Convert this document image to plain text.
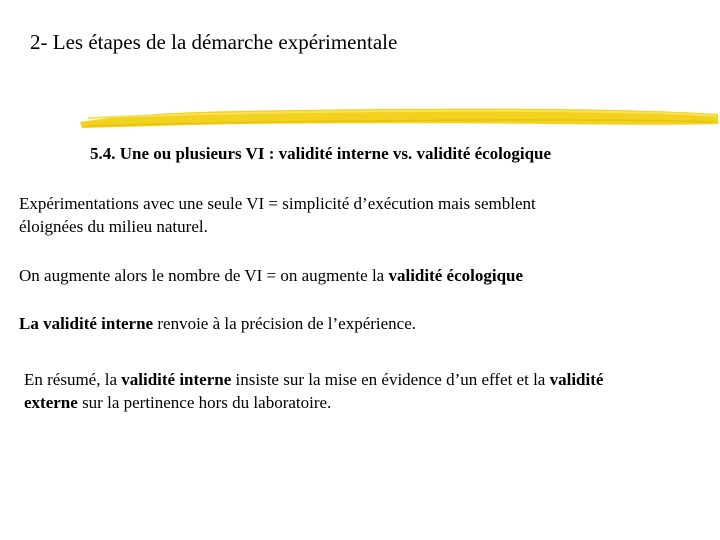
2- Les étapes de la démarche expérimentale
5.4. Une ou plusieurs VI : validité interne vs. validité écologique
Expérimentations avec une seule VI = simplicité d’exécution mais semblent
éloignées du milieu naturel.
On augmente alors le nombre de VI = on augmente la validité écologique
La validité interne renvoie à la précision de l’expérience.
En résumé, la validité interne insiste sur la mise en évidence d’un effet et la validité
externe sur la pertinence hors du laboratoire.
